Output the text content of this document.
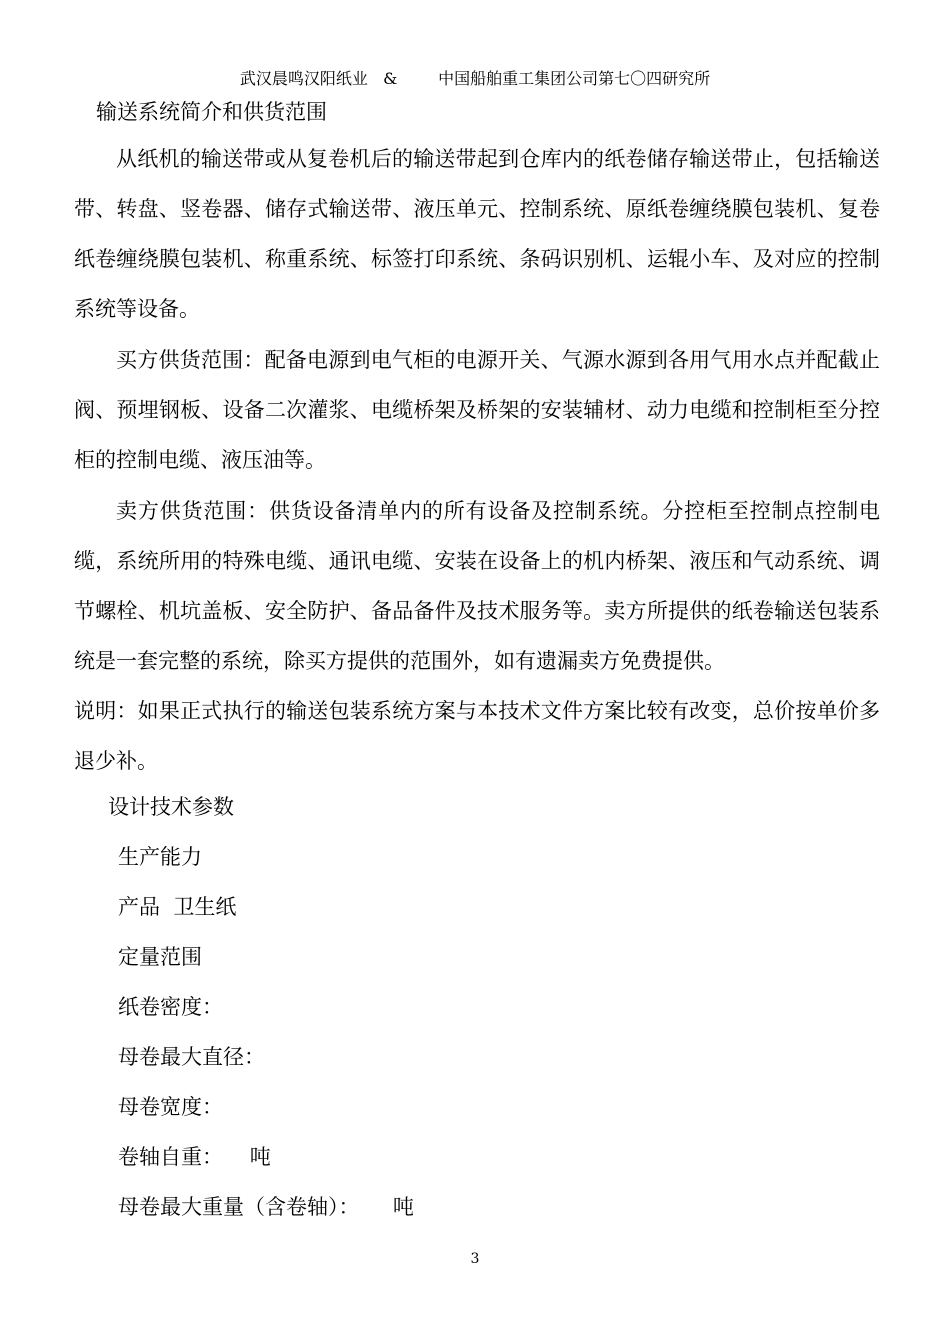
武汉晨鸣汉阳纸业   &        中国船舶重工集团公司第七〇四研究所
输送系统简介和供货范围

从纸机的输送带或从复卷机后的输送带起到仓库内的纸卷储存输送带止，包括输送带、转盘、竖卷器、储存式输送带、液压单元、控制系统、原纸卷缠绕膜包装机、复卷纸卷缠绕膜包装机、称重系统、标签打印系统、条码识别机、运辊小车、及对应的控制系统等设备。

买方供货范围：配备电源到电气柜的电源开关、气源水源到各用气用水点并配截止阀、预埋钢板、设备二次灌浆、电缆桥架及桥架的安装辅材、动力电缆和控制柜至分控柜的控制电缆、液压油等。

卖方供货范围：供货设备清单内的所有设备及控制系统。分控柜至控制点控制电缆，系统所用的特殊电缆、通讯电缆、安装在设备上的机内桥架、液压和气动系统、调节螺栓、机坑盖板、安全防护、备品备件及技术服务等。卖方所提供的纸卷输送包装系统是一套完整的系统，除买方提供的范围外，如有遗漏卖方免费提供。

说明：如果正式执行的输送包装系统方案与本技术文件方案比较有改变，总价按单价多退少补。

设计技术参数
生产能力
产品  卫生纸
定量范围
纸卷密度：
母卷最大直径：
母卷宽度：
卷轴自重：    吨
母卷最大重量（含卷轴）：     吨
3
